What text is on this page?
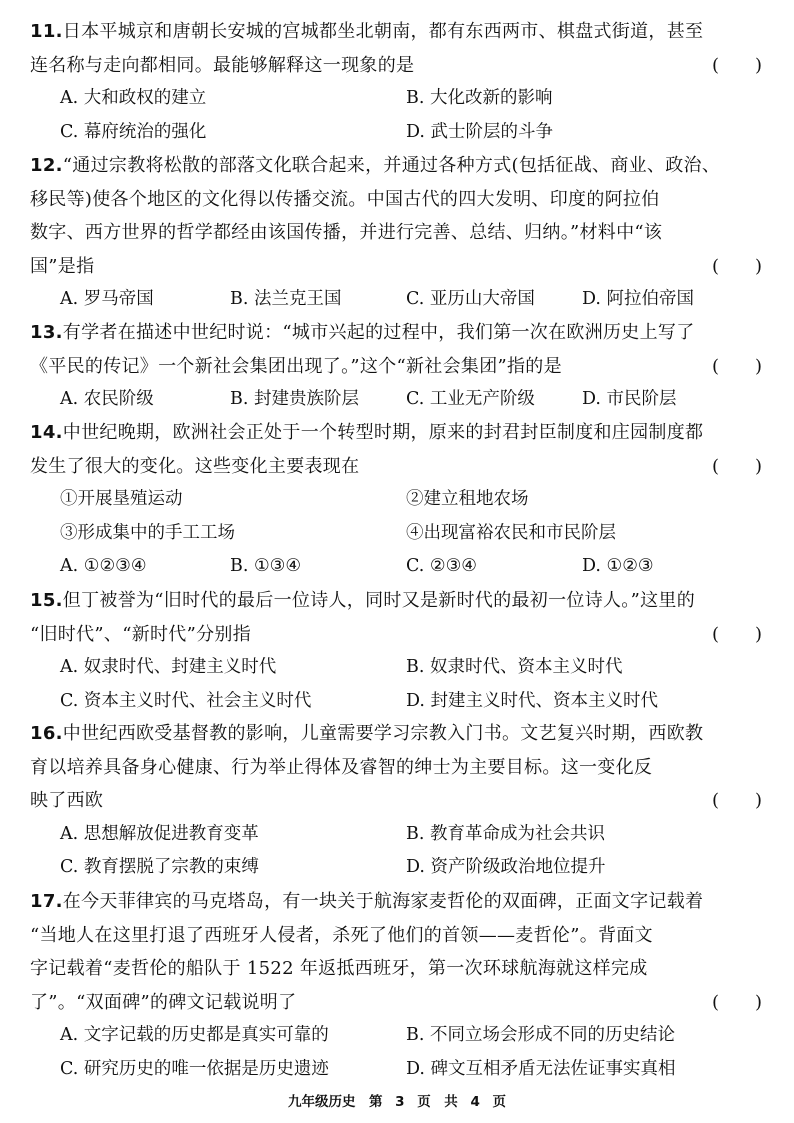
11.日本平城京和唐朝长安城的宫城都坐北朝南，都有东西两市、棋盘式街道，甚至
连名称与走向都相同。最能够解释这一现象的是	(　　)
A. 大和政权的建立	B. 大化改新的影响
C. 幕府统治的强化	D. 武士阶层的斗争
12.“通过宗教将松散的部落文化联合起来，并通过各种方式(包括征战、商业、政治、
移民等)使各个地区的文化得以传播交流。中国古代的四大发明、印度的阿拉伯
数字、西方世界的哲学都经由该国传播，并进行完善、总结、归纳。”材料中“该
国”是指	(　　)
A. 罗马帝国	B. 法兰克王国	C. 亚历山大帝国	D. 阿拉伯帝国
13.有学者在描述中世纪时说：“城市兴起的过程中，我们第一次在欧洲历史上写了
《平民的传记》一个新社会集团出现了。”这个“新社会集团”指的是	(　　)
A. 农民阶级	B. 封建贵族阶层	C. 工业无产阶级	D. 市民阶层
14.中世纪晚期，欧洲社会正处于一个转型时期，原来的封君封臣制度和庄园制度都
发生了很大的变化。这些变化主要表现在	(　　)
①开展垦殖运动	②建立租地农场
③形成集中的手工工场	④出现富裕农民和市民阶层
A. ①②③④	B. ①③④	C. ②③④	D. ①②③
15.但丁被誉为“旧时代的最后一位诗人，同时又是新时代的最初一位诗人。”这里的
“旧时代”、“新时代”分别指	(　　)
A. 奴隶时代、封建主义时代	B. 奴隶时代、资本主义时代
C. 资本主义时代、社会主义时代	D. 封建主义时代、资本主义时代
16.中世纪西欧受基督教的影响，儿童需要学习宗教入门书。文艺复兴时期，西欧教
育以培养具备身心健康、行为举止得体及睿智的绅士为主要目标。这一变化反
映了西欧	(　　)
A. 思想解放促进教育变革	B. 教育革命成为社会共识
C. 教育摆脱了宗教的束缚	D. 资产阶级政治地位提升
17.在今天菲律宾的马克塔岛，有一块关于航海家麦哲伦的双面碑，正面文字记载着
“当地人在这里打退了西班牙人侵者，杀死了他们的首领——麦哲伦”。背面文
字记载着“麦哲伦的船队于 1522 年返抵西班牙，第一次环球航海就这样完成
了”。“双面碑”的碑文记载说明了	(　　)
A. 文字记载的历史都是真实可靠的	B. 不同立场会形成不同的历史结论
C. 研究历史的唯一依据是历史遗迹	D. 碑文互相矛盾无法佐证事实真相
九年级历史　第 3 页　共 4 页
